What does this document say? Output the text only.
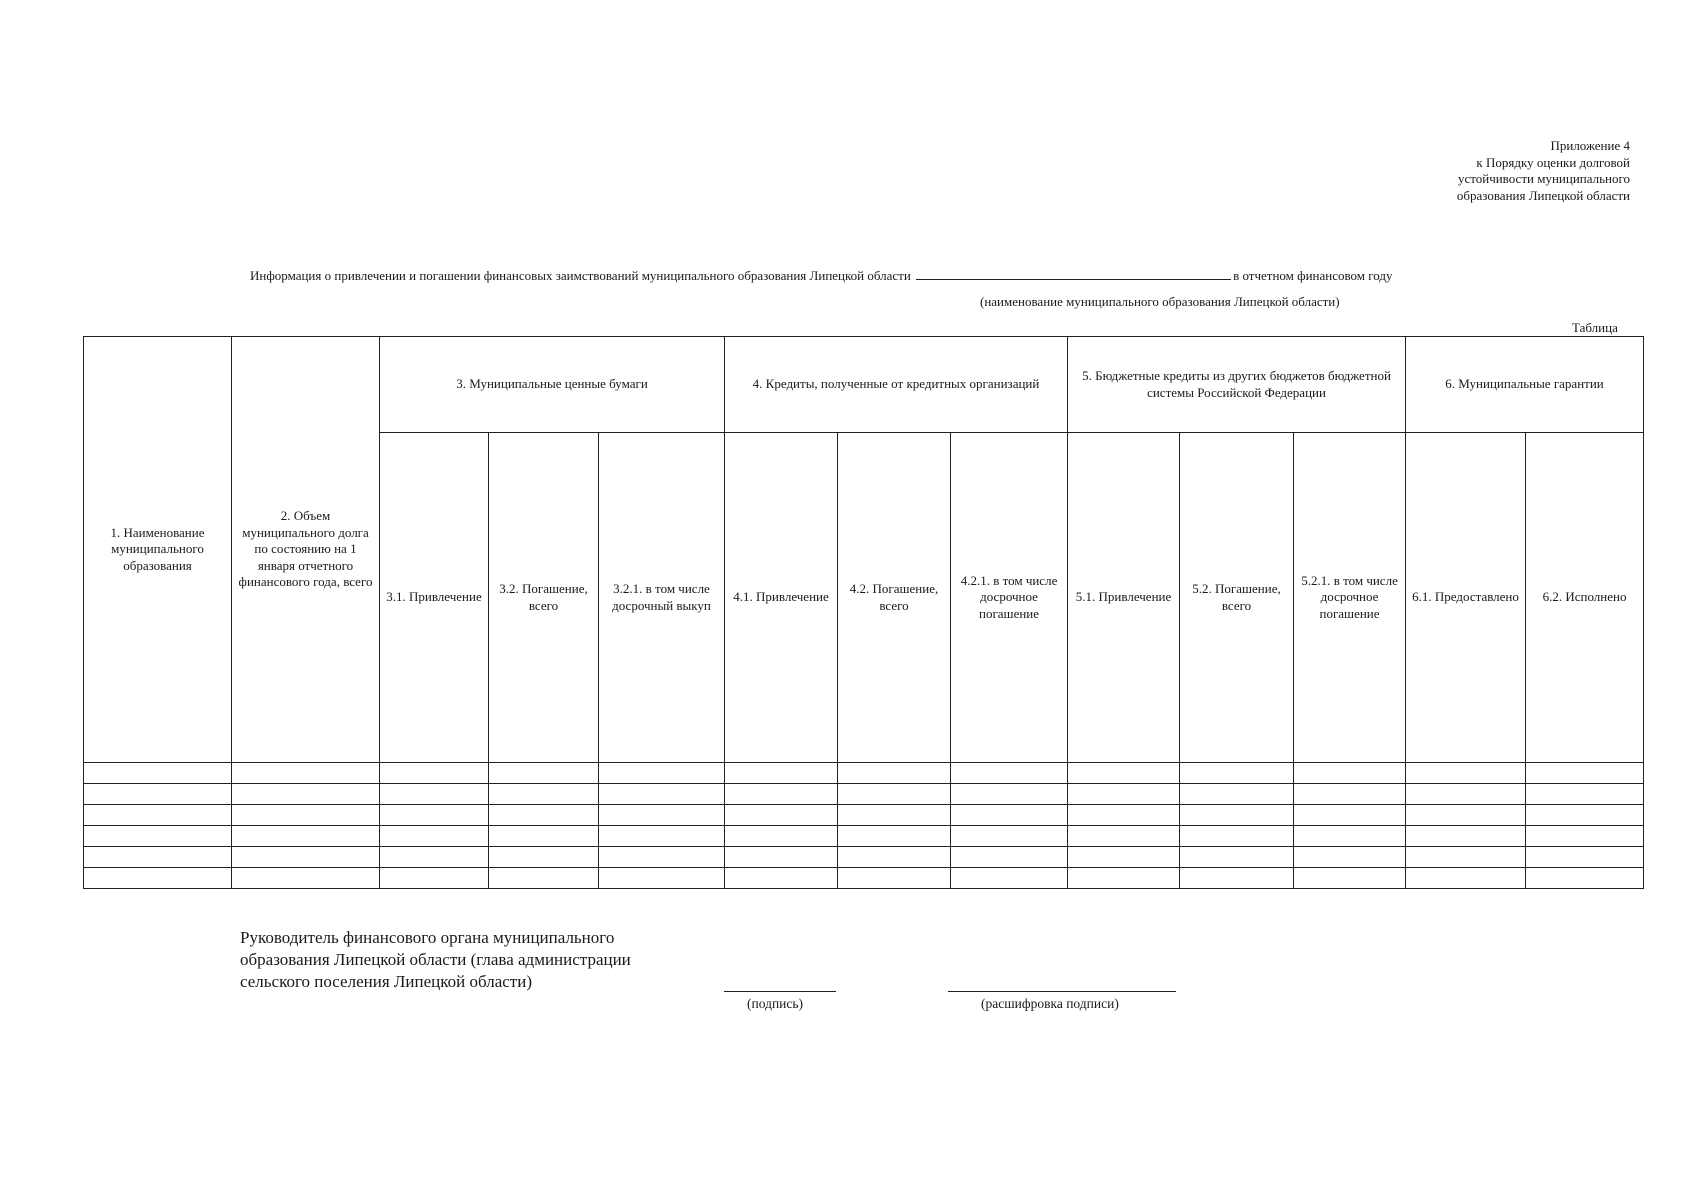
Приложение 4
к Порядку оценки долговой
устойчивости муниципального
образования Липецкой области
Информация о привлечении и погашении финансовых заимствований муниципального образования Липецкой области	в отчетном финансовом году
(наименование муниципального образования Липецкой области)
Таблица
1. Наименование муниципального образования	2. Объем муниципального долга по состоянию на 1 января отчетного финансового года, всего	3. Муниципальные ценные бумаги			4. Кредиты, полученные от кредитных организаций			5. Бюджетные кредиты из других бюджетов бюджетной системы Российской Федерации			6. Муниципальные гарантии	
		3.1. Привлечение	3.2. Погашение, всего	3.2.1. в том числе досрочный выкуп	4.1. Привлечение	4.2. Погашение, всего	4.2.1. в том числе досрочное погашение	5.1. Привлечение	5.2. Погашение, всего	5.2.1. в том числе досрочное погашение	6.1. Предоставлено	6.2. Исполнено

Руководитель финансового органа муниципального
образования Липецкой области (глава администрации
сельского поселения Липецкой области)
(подпись)	(расшифровка подписи)
